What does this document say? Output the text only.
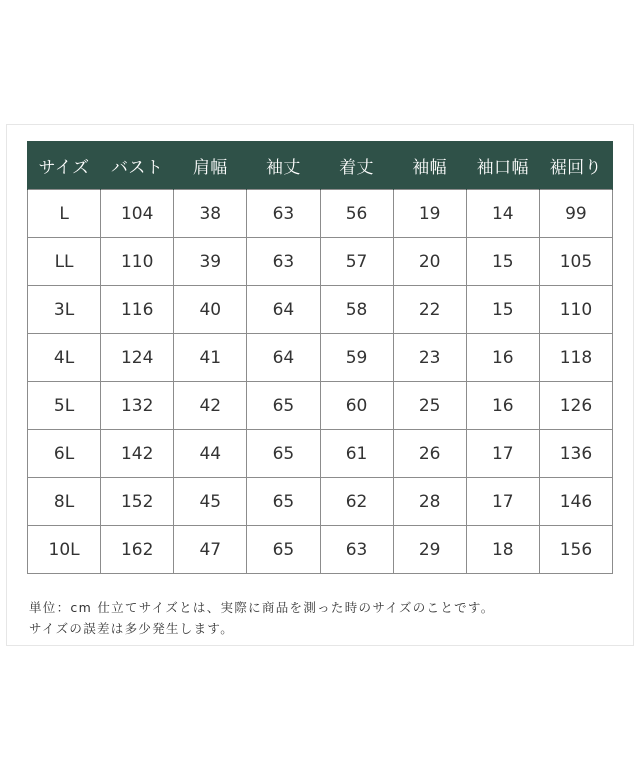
サイズ	バスト	肩幅	袖丈	着丈	袖幅	袖口幅	裾回り
L	104	38	63	56	19	14	99
LL	110	39	63	57	20	15	105
3L	116	40	64	58	22	15	110
4L	124	41	64	59	23	16	118
5L	132	42	65	60	25	16	126
6L	142	44	65	61	26	17	136
8L	152	45	65	62	28	17	146
10L	162	47	65	63	29	18	156

単位：cm 仕立てサイズとは、実際に商品を測った時のサイズのことです。

サイズの誤差は多少発生します。
